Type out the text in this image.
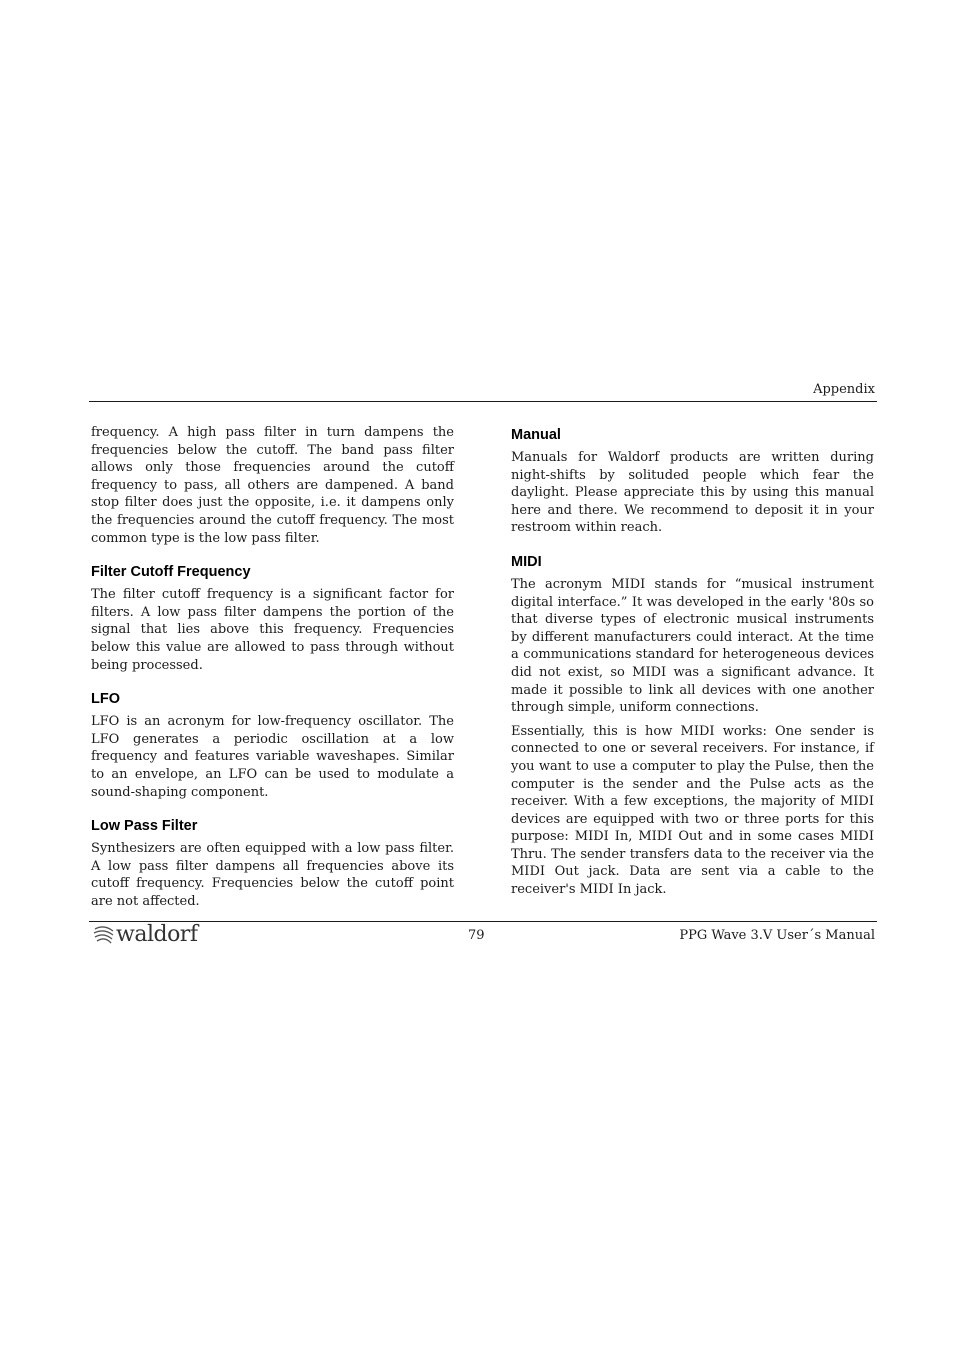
Appendix

frequency. A high pass filter in turn dampens the frequencies below the cutoff. The band pass filter allows only those frequencies around the cutoff frequency to pass, all others are dampened. A band stop filter does just the opposite, i.e. it dampens only the frequencies around the cutoff frequency. The most common type is the low pass filter.

Filter Cutoff Frequency

The filter cutoff frequency is a significant factor for filters. A low pass filter dampens the portion of the signal that lies above this frequency. Frequencies below this value are allowed to pass through without being processed.

LFO

LFO is an acronym for low-frequency oscillator. The LFO generates a periodic oscillation at a low frequency and features variable waveshapes. Similar to an envelope, an LFO can be used to modulate a sound-shaping component.

Low Pass Filter

Synthesizers are often equipped with a low pass filter. A low pass filter dampens all frequencies above its cutoff frequency. Frequencies below the cutoff point are not affected.

Manual

Manuals for Waldorf products are written during night-shifts by solituded people which fear the daylight. Please appreciate this by using this manual here and there. We recommend to deposit it in your restroom within reach.

MIDI

The acronym MIDI stands for “musical instrument digital interface.” It was developed in the early '80s so that diverse types of electronic musical instruments by different manufacturers could interact. At the time a communications standard for heterogeneous devices did not exist, so MIDI was a significant advance. It made it possible to link all devices with one another through simple, uniform connections.

Essentially, this is how MIDI works: One sender is connected to one or several receivers. For instance, if you want to use a computer to play the Pulse, then the computer is the sender and the Pulse acts as the receiver. With a few exceptions, the majority of MIDI devices are equipped with two or three ports for this purpose: MIDI In, MIDI Out and in some cases MIDI Thru. The sender transfers data to the receiver via the MIDI Out jack. Data are sent via a cable to the receiver's MIDI In jack.

waldorf	79	PPG Wave 3.V User´s Manual
